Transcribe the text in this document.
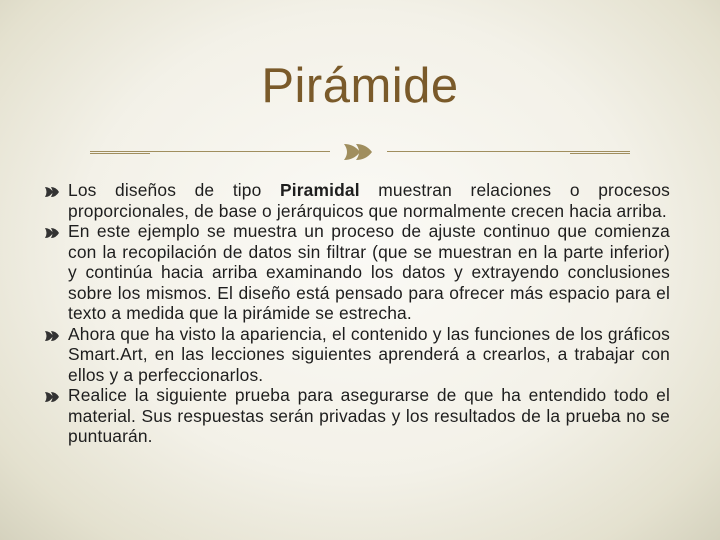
Pirámide
Los diseños de tipo Piramidal muestran relaciones o procesos proporcionales, de base o jerárquicos que normalmente crecen hacia arriba.
En este ejemplo se muestra un proceso de ajuste continuo que comienza con la recopilación de datos sin filtrar (que se muestran en la parte inferior) y continúa hacia arriba examinando los datos y extrayendo conclusiones sobre los mismos. El diseño está pensado para ofrecer más espacio para el texto a medida que la pirámide se estrecha.
Ahora que ha visto la apariencia, el contenido y las funciones de los gráficos Smart.Art, en las lecciones siguientes aprenderá a crearlos, a trabajar con ellos y a perfeccionarlos.
Realice la siguiente prueba para asegurarse de que ha entendido todo el material. Sus respuestas serán privadas y los resultados de la prueba no se puntuarán.
